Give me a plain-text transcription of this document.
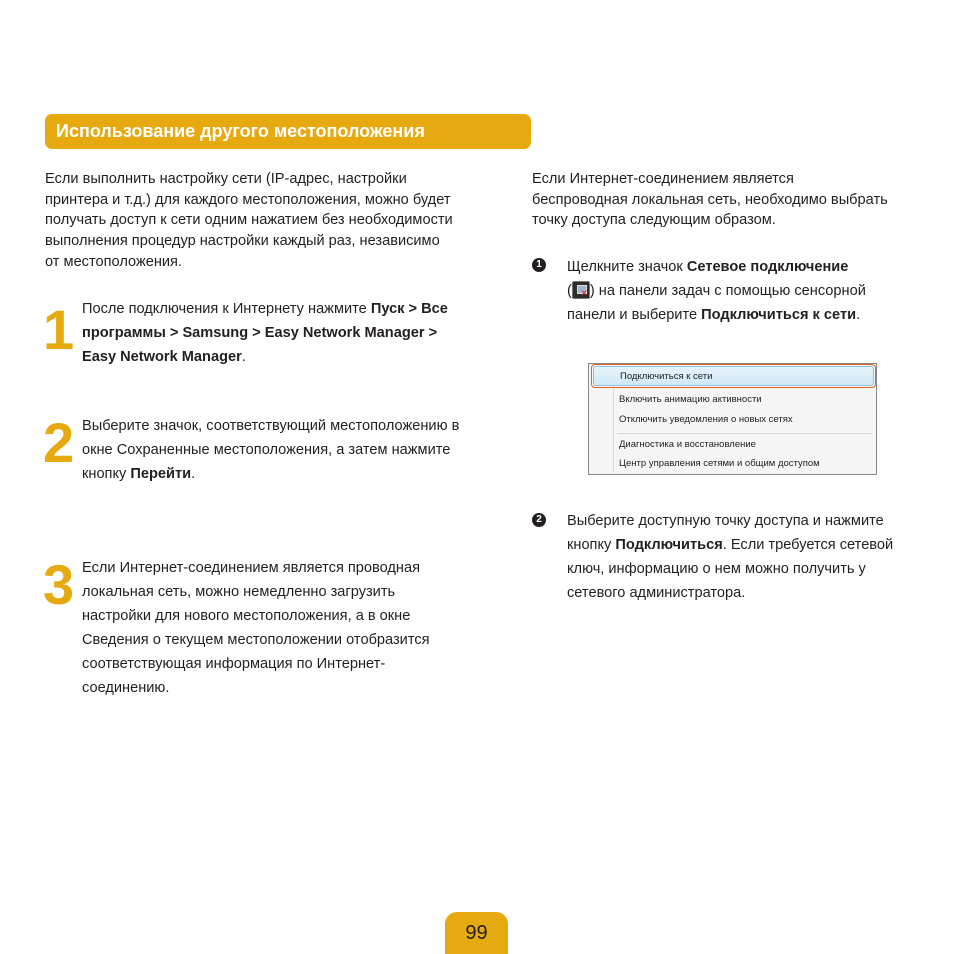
Использование другого местоположения
Если выполнить настройку сети (IP-адрес, настройки принтера и т.д.) для каждого местоположения, можно будет получать доступ к сети одним нажатием без необходимости выполнения процедур настройки каждый раз, независимо от местоположения.
Если Интернет-соединением является беспроводная локальная сеть, необходимо выбрать точку доступа следующим образом.
1 После подключения к Интернету нажмите Пуск > Все программы > Samsung > Easy Network Manager > Easy Network Manager.
2 Выберите значок, соответствующий местоположению в окне Сохраненные местоположения, а затем нажмите кнопку Перейти.
3 Если Интернет-соединением является проводная локальная сеть, можно немедленно загрузить настройки для нового местоположения, а в окне Сведения о текущем местоположении отобразится соответствующая информация по Интернет-соединению.
1 Щелкните значок Сетевое подключение
( ✕ ) на панели задач с помощью сенсорной панели и выберите Подключиться к сети.
Подключиться к сети
Включить анимацию активности
Отключить уведомления о новых сетях
Диагностика и восстановление
Центр управления сетями и общим доступом
2 Выберите доступную точку доступа и нажмите кнопку Подключиться. Если требуется сетевой ключ, информацию о нем можно получить у сетевого администратора.
99
